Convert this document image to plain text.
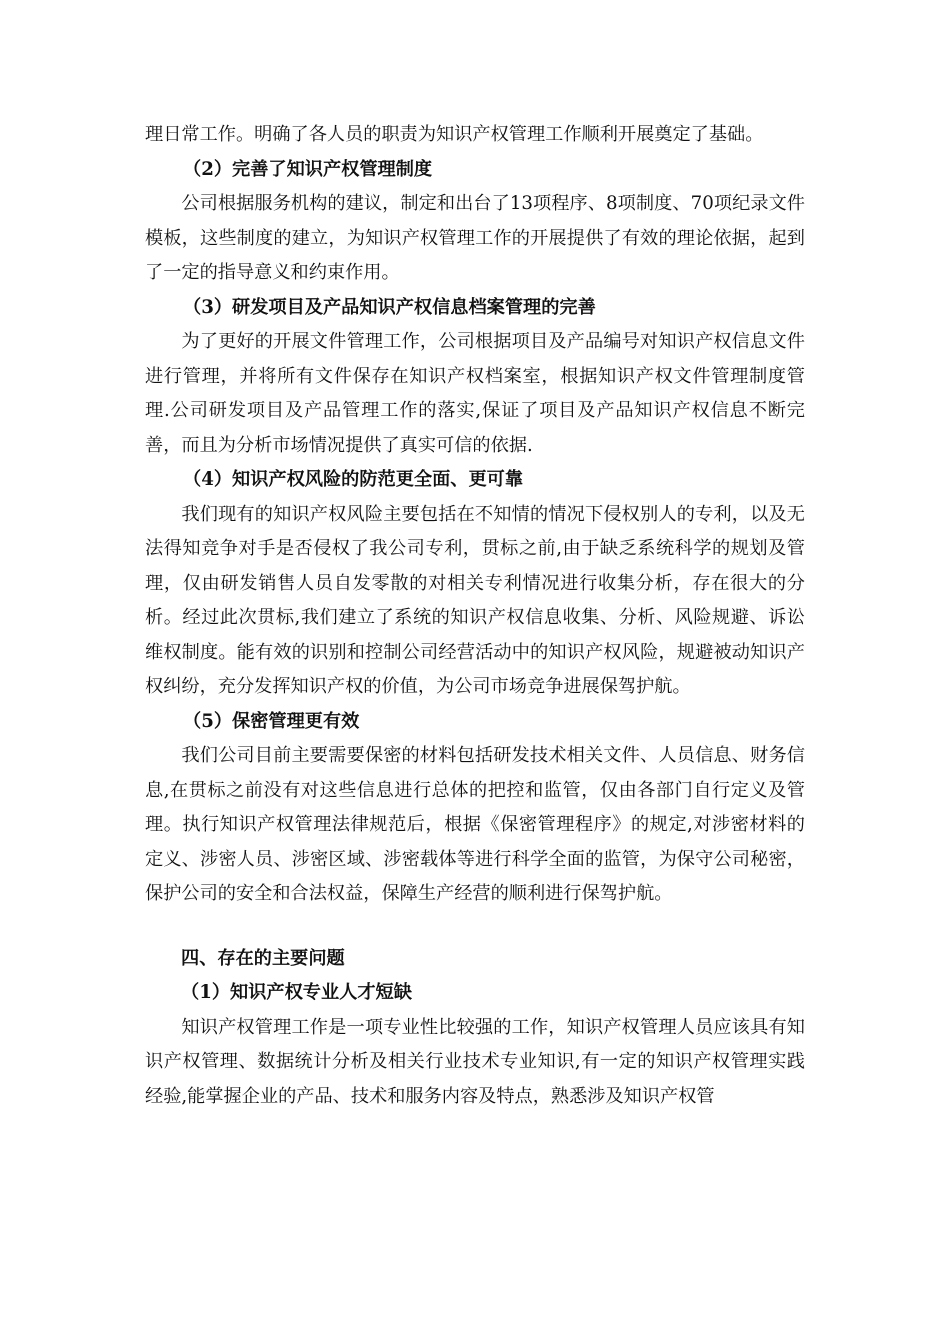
理日常工作。明确了各人员的职责为知识产权管理工作顺利开展奠定了基础。

（2）完善了知识产权管理制度

公司根据服务机构的建议，制定和出台了13项程序、8项制度、70项纪录文件模板，这些制度的建立，为知识产权管理工作的开展提供了有效的理论依据，起到了一定的指导意义和约束作用。

（3）研发项目及产品知识产权信息档案管理的完善

为了更好的开展文件管理工作，公司根据项目及产品编号对知识产权信息文件进行管理，并将所有文件保存在知识产权档案室，根据知识产权文件管理制度管理.公司研发项目及产品管理工作的落实,保证了项目及产品知识产权信息不断完善，而且为分析市场情况提供了真实可信的依据.

（4）知识产权风险的防范更全面、更可靠

我们现有的知识产权风险主要包括在不知情的情况下侵权别人的专利，以及无法得知竞争对手是否侵权了我公司专利，贯标之前,由于缺乏系统科学的规划及管理，仅由研发销售人员自发零散的对相关专利情况进行收集分析，存在很大的分析。经过此次贯标,我们建立了系统的知识产权信息收集、分析、风险规避、诉讼维权制度。能有效的识别和控制公司经营活动中的知识产权风险，规避被动知识产权纠纷，充分发挥知识产权的价值，为公司市场竞争进展保驾护航。

（5）保密管理更有效

我们公司目前主要需要保密的材料包括研发技术相关文件、人员信息、财务信息,在贯标之前没有对这些信息进行总体的把控和监管，仅由各部门自行定义及管理。执行知识产权管理法律规范后，根据《保密管理程序》的规定,对涉密材料的定义、涉密人员、涉密区域、涉密载体等进行科学全面的监管，为保守公司秘密，保护公司的安全和合法权益，保障生产经营的顺利进行保驾护航。

四、存在的主要问题

（1）知识产权专业人才短缺

知识产权管理工作是一项专业性比较强的工作，知识产权管理人员应该具有知识产权管理、数据统计分析及相关行业技术专业知识,有一定的知识产权管理实践经验,能掌握企业的产品、技术和服务内容及特点，熟悉涉及知识产权管
